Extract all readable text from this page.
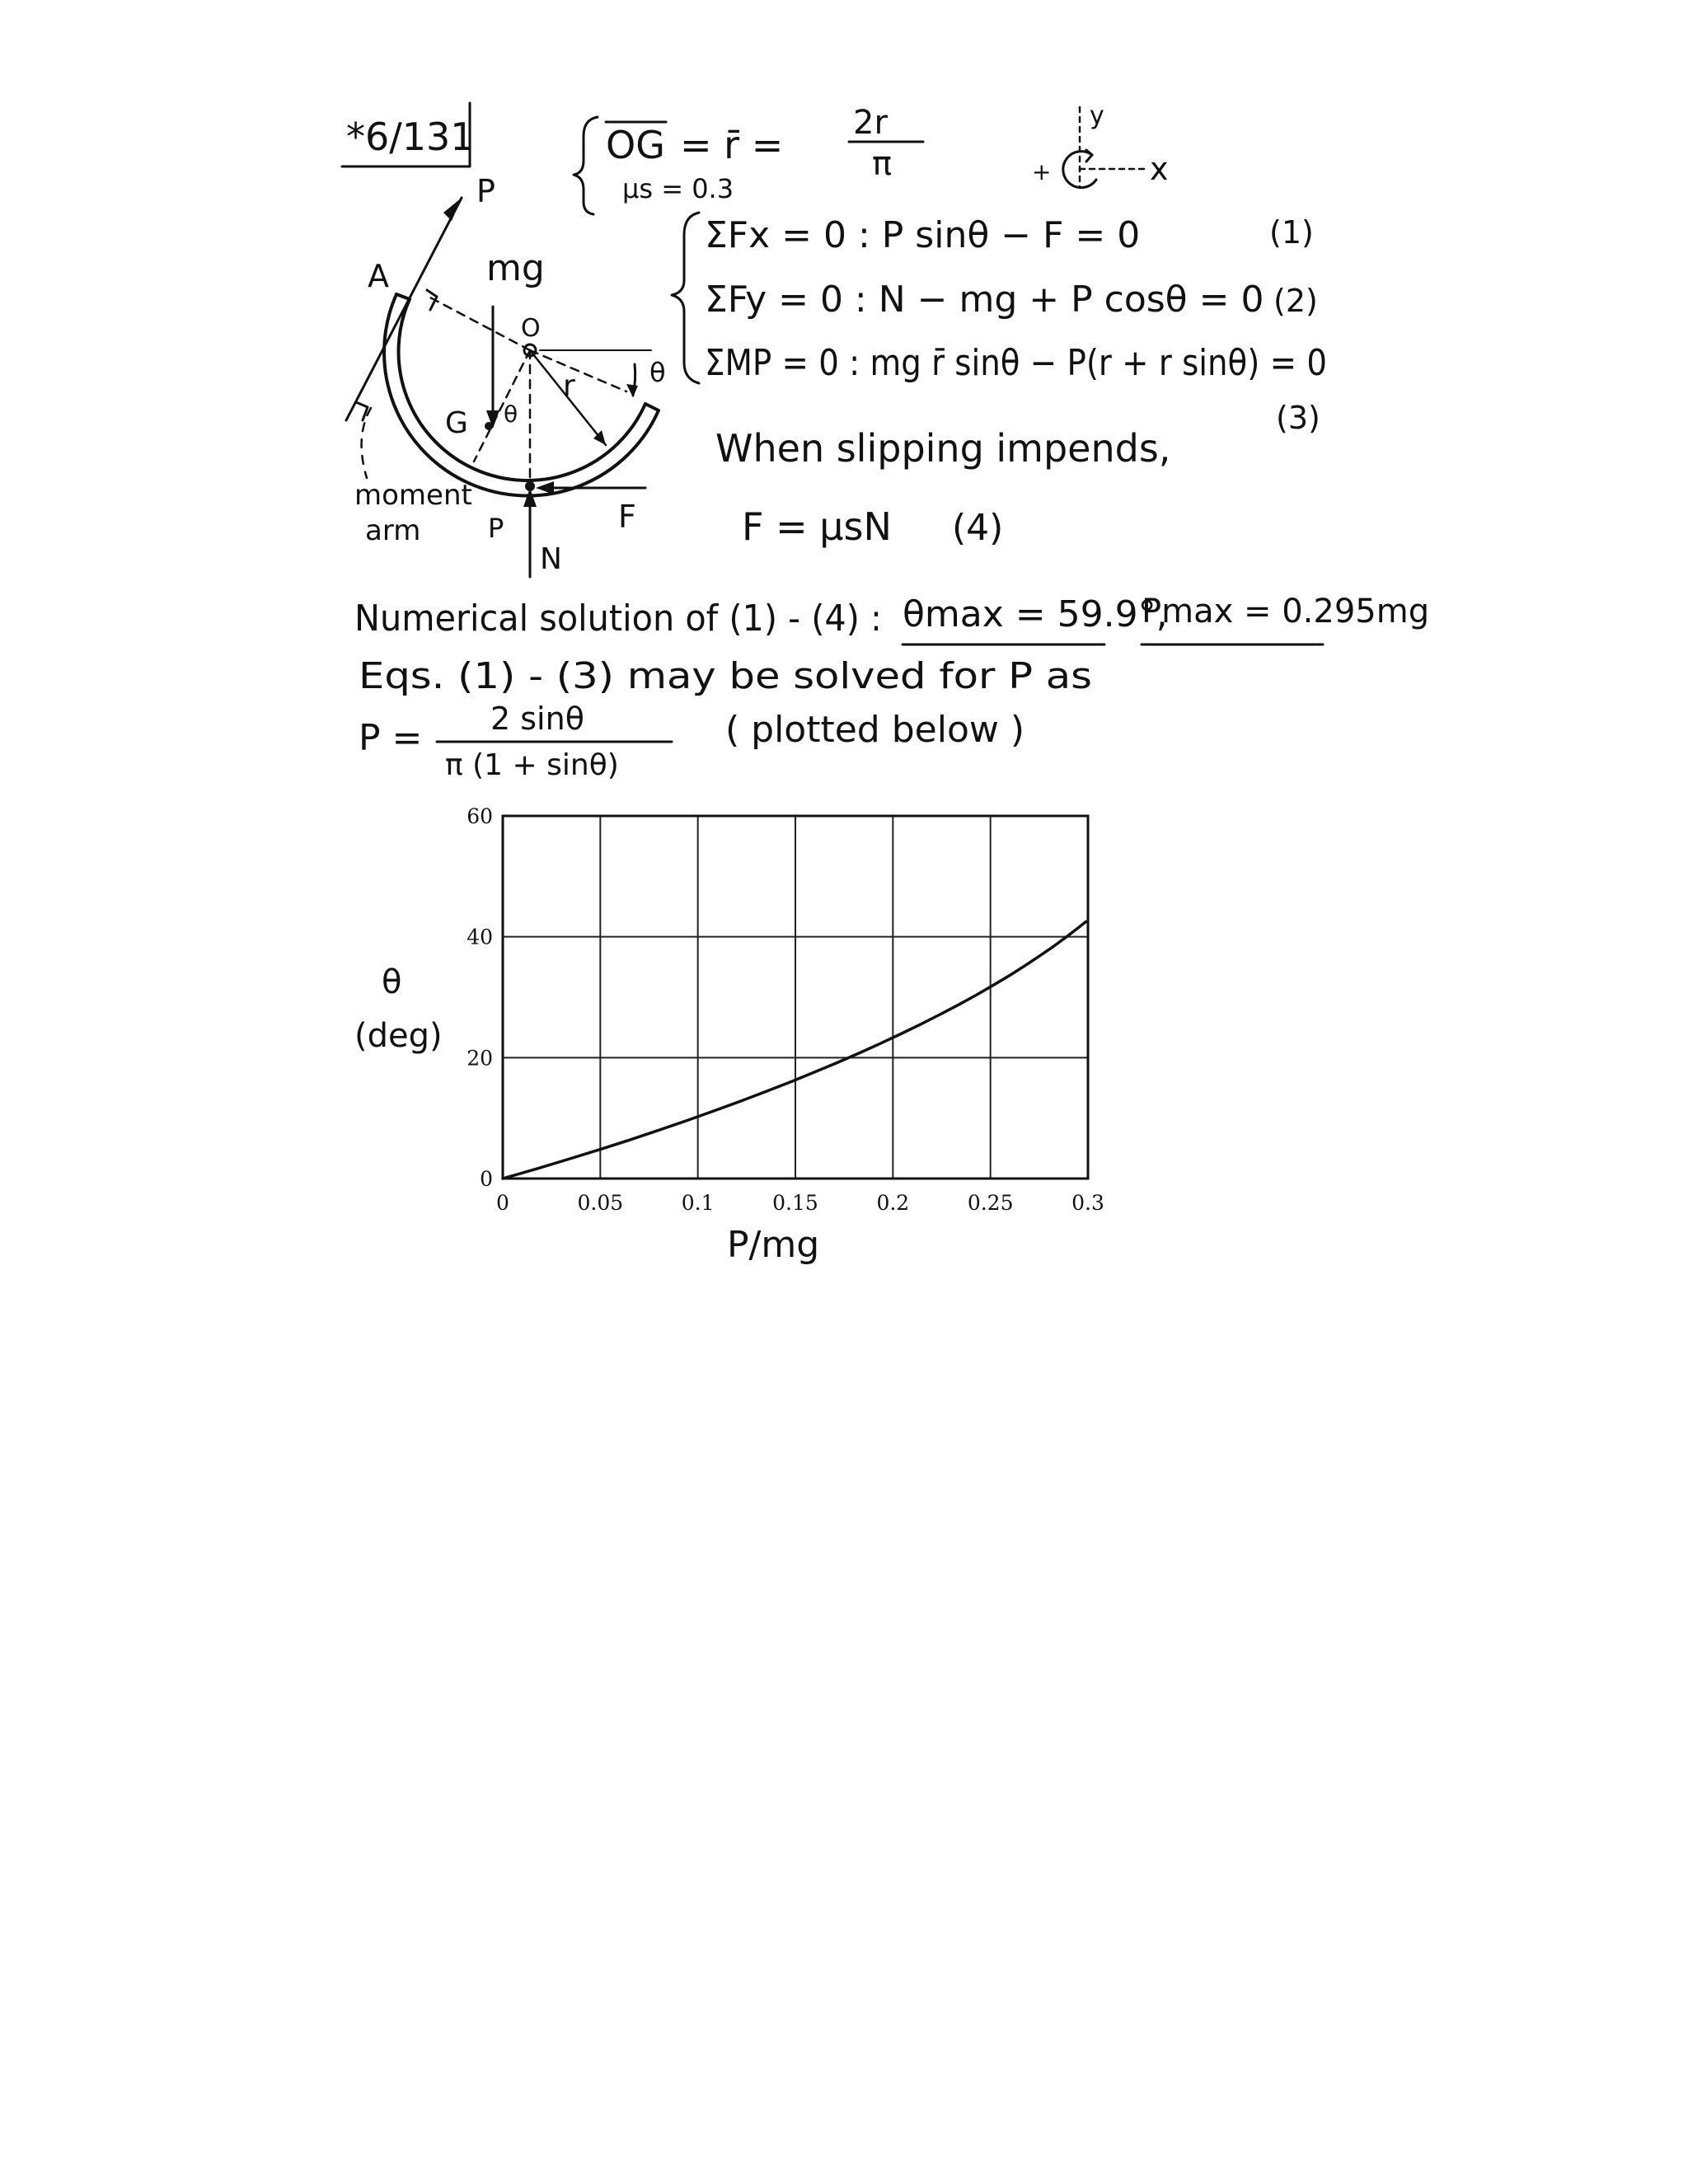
*6/131	OG = r̄ = 2r
π
μs = 0.3
y
x
+
P
A	mg
O
G θ
θ
r
moment
arm	P
N
F
ΣFx = 0 : P sinθ − F = 0	(1)
ΣFy = 0 : N − mg + P cosθ = 0 (2)
ΣMP = 0 : mg r̄ sinθ − P(r + r sinθ) = 0
(3)
When slipping impends,
F = μsN (4)
Numerical solution of (1) - (4) : θmax = 59.9°,
Pmax = 0.295mg
Eqs. (1) - (3) may be solved for P as
P = 2 sinθ
π (1 + sinθ)
( plotted below )
0	0.05	0.1	0.15	0.2	0.25	0.3
0
20
40
60
θ
(deg)
P/mg
